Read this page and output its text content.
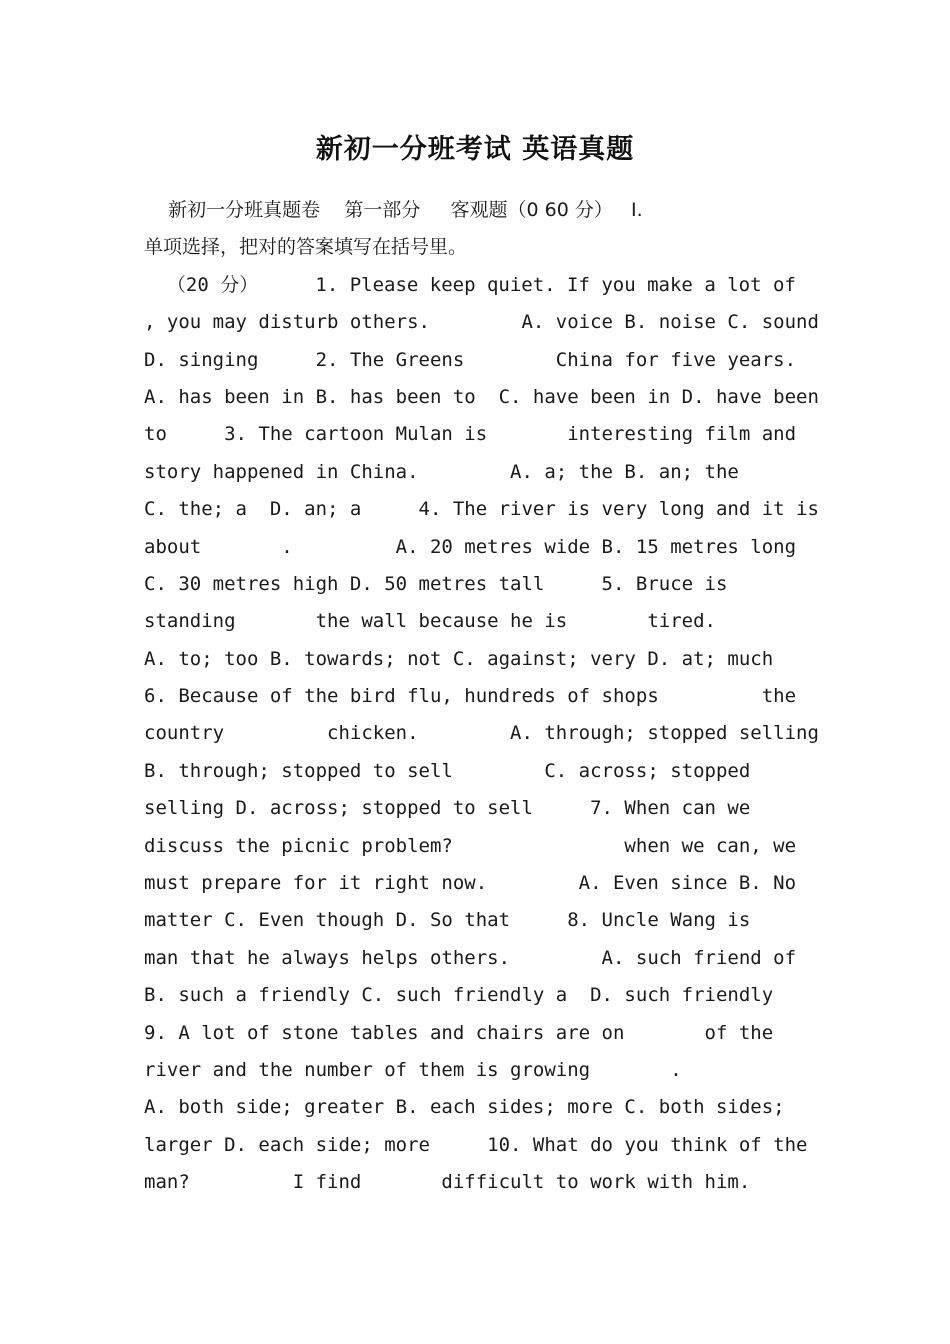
新初一分班考试 英语真题
新初一分班真题卷    第一部分     客观题（0 60 分）   Ⅰ.
单项选择，把对的答案填写在括号里。
（20 分）     1. Please keep quiet. If you make a lot of
, you may disturb others.        A. voice B. noise C. sound
D. singing     2. The Greens        China for five years.
A. has been in B. has been to  C. have been in D. have been
to     3. The cartoon Mulan is       interesting film and
story happened in China.        A. a; the B. an; the
C. the; a  D. an; a     4. The river is very long and it is
about       .         A. 20 metres wide B. 15 metres long
C. 30 metres high D. 50 metres tall     5. Bruce is
standing       the wall because he is       tired.
A. to; too B. towards; not C. against; very D. at; much
6. Because of the bird flu, hundreds of shops         the
country         chicken.        A. through; stopped selling
B. through; stopped to sell        C. across; stopped
selling D. across; stopped to sell     7. When can we
discuss the picnic problem?               when we can, we
must prepare for it right now.        A. Even since B. No
matter C. Even though D. So that     8. Uncle Wang is
man that he always helps others.        A. such friend of
B. such a friendly C. such friendly a  D. such friendly
9. A lot of stone tables and chairs are on       of the
river and the number of them is growing       .
A. both side; greater B. each sides; more C. both sides;
larger D. each side; more     10. What do you think of the
man?         I find       difficult to work with him.
